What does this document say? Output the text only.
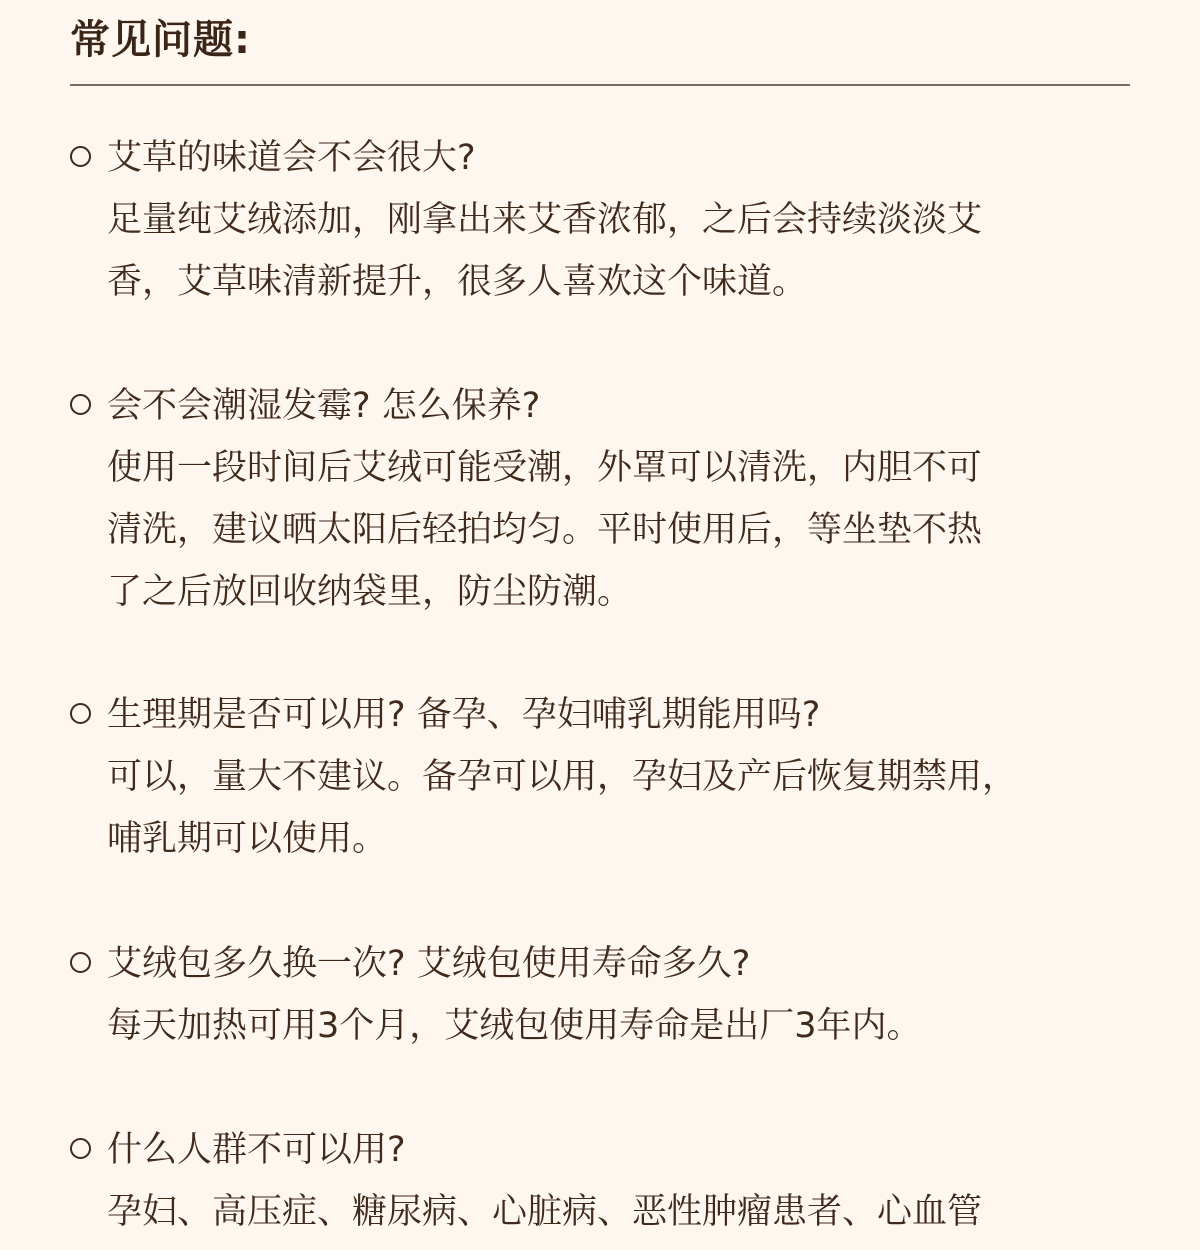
常见问题:
艾草的味道会不会很大?
足量纯艾绒添加，刚拿出来艾香浓郁，之后会持续淡淡艾
香，艾草味清新提升，很多人喜欢这个味道。
会不会潮湿发霉? 怎么保养?
使用一段时间后艾绒可能受潮，外罩可以清洗，内胆不可
清洗，建议晒太阳后轻拍均匀。平时使用后，等坐垫不热
了之后放回收纳袋里，防尘防潮。
生理期是否可以用? 备孕、孕妇哺乳期能用吗?
可以，量大不建议。备孕可以用，孕妇及产后恢复期禁用，
哺乳期可以使用。
艾绒包多久换一次? 艾绒包使用寿命多久?
每天加热可用3个月，艾绒包使用寿命是出厂3年内。
什么人群不可以用?
孕妇、高压症、糖尿病、心脏病、恶性肿瘤患者、心血管
